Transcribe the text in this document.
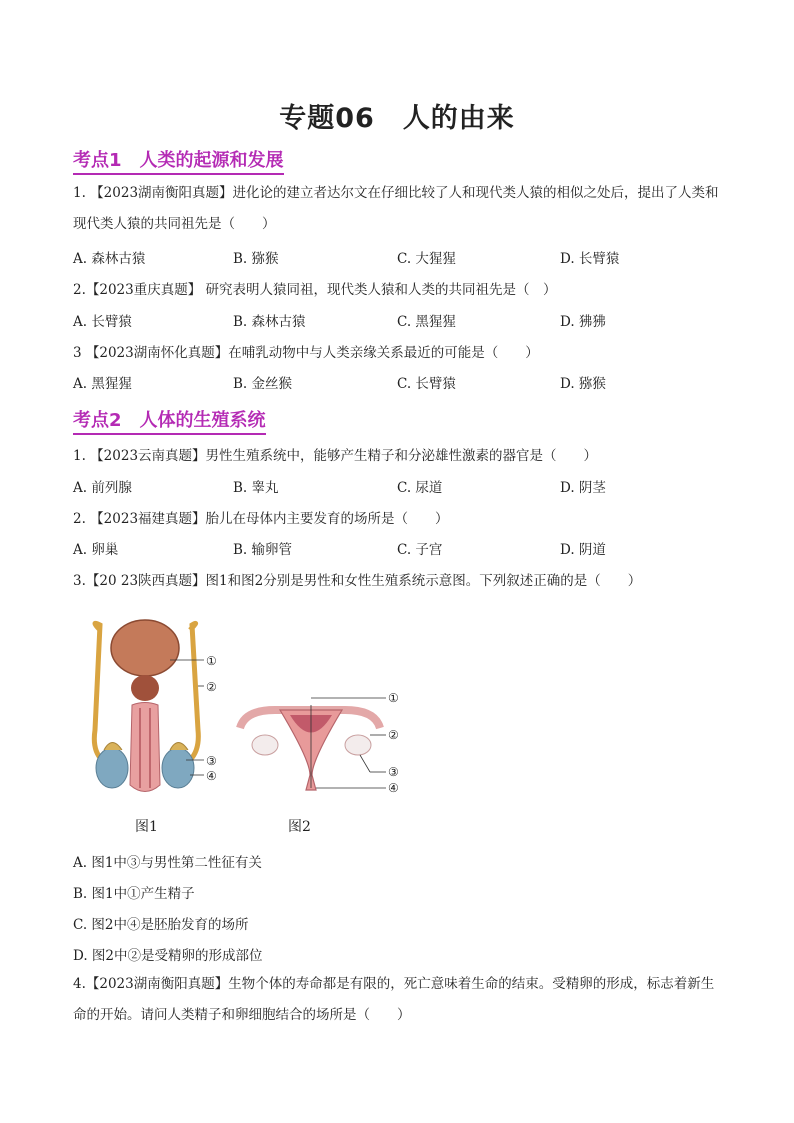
专题06　人的由来
考点1　人类的起源和发展
1. 【2023湖南衡阳真题】进化论的建立者达尔文在仔细比较了人和现代类人猿的相似之处后，提出了人类和现代类人猿的共同祖先是（　　）
A. 森林古猿	B. 猕猴	C. 大猩猩	D. 长臂猿
2.【2023重庆真题】 研究表明人猿同祖，现代类人猿和人类的共同祖先是（　）
A. 长臂猿	B. 森林古猿	C. 黑猩猩	D. 狒狒
3 【2023湖南怀化真题】在哺乳动物中与人类亲缘关系最近的可能是（　　）
A. 黑猩猩	B. 金丝猴	C. 长臂猿	D. 猕猴
考点2　人体的生殖系统
1. 【2023云南真题】男性生殖系统中，能够产生精子和分泌雄性激素的器官是（　　）
A. 前列腺	B. 睾丸	C. 尿道	D. 阴茎
2. 【2023福建真题】胎儿在母体内主要发育的场所是（　　）
A. 卵巢	B. 输卵管	C. 子宫	D. 阴道
3.【20 23陕西真题】图1和图2分别是男性和女性生殖系统示意图。下列叙述正确的是（　　）
①
②
③
④
①
②
③
④
图1	图2
A. 图1中③与男性第二性征有关
B. 图1中①产生精子
C. 图2中④是胚胎发育的场所
D. 图2中②是受精卵的形成部位
4.【2023湖南衡阳真题】生物个体的寿命都是有限的，死亡意味着生命的结束。受精卵的形成，标志着新生命的开始。请问人类精子和卵细胞结合的场所是（　　）
